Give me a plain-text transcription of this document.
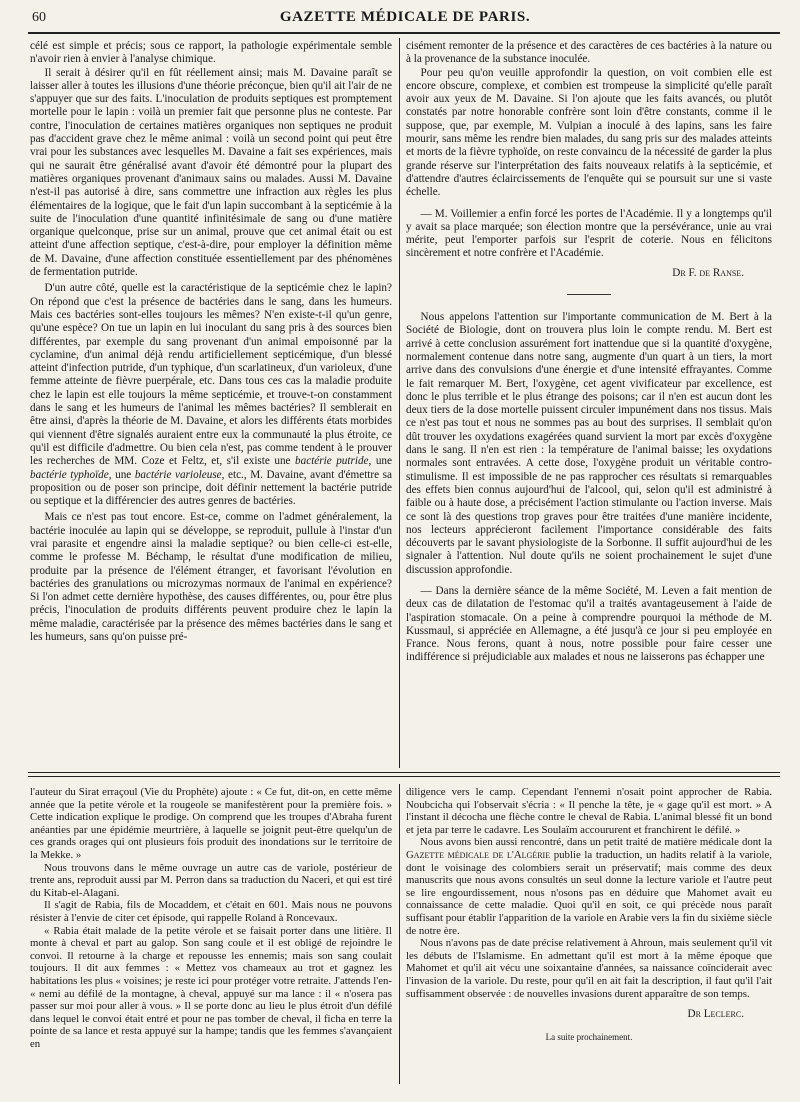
60	GAZETTE MÉDICALE DE PARIS.

célé est simple et précis; sous ce rapport, la pathologie expérimentale semble n'avoir rien à envier à l'analyse chimique.

Il serait à désirer qu'il en fût réellement ainsi; mais M. Davaine paraît se laisser aller à toutes les illusions d'une théorie préconçue, bien qu'il ait l'air de ne s'appuyer que sur des faits. L'inoculation de produits septiques est promptement mortelle pour le lapin : voilà un premier fait que personne plus ne conteste. Par contre, l'inoculation de certaines matières organiques non septiques ne produit pas d'accident grave chez le même animal : voilà un second point qui peut être vrai pour les substances avec lesquelles M. Davaine a fait ses expériences, mais qui ne saurait être généralisé avant d'avoir été démontré pour la plupart des matières organiques provenant d'animaux sains ou malades. Aussi M. Davaine n'est-il pas autorisé à dire, sans commettre une infraction aux règles les plus élémentaires de la logique, que le fait d'un lapin succombant à la septicémie à la suite de l'inoculation d'une quantité infinitésimale de sang ou d'une matière organique quelconque, prise sur un animal, prouve que cet animal était ou est atteint d'une affection septique, c'est-à-dire, pour employer la définition même de M. Davaine, d'une affection constituée essentiellement par des phénomènes de fermentation putride.

D'un autre côté, quelle est la caractéristique de la septicémie chez le lapin? On répond que c'est la présence de bactéries dans le sang, dans les humeurs. Mais ces bactéries sont-elles toujours les mêmes? N'en existe-t-il qu'un genre, qu'une espèce? On tue un lapin en lui inoculant du sang pris à des sources bien différentes, par exemple du sang provenant d'un animal empoisonné par la cyclamine, d'un animal déjà rendu artificiellement septicémique, d'un blessé atteint d'infection putride, d'un typhique, d'un scarlatineux, d'un varioleux, d'une femme atteinte de fièvre puerpérale, etc. Dans tous ces cas la maladie produite chez le lapin est elle toujours la même septicémie, et trouve-t-on constamment dans le sang et les humeurs de l'animal les mêmes bactéries? Il semblerait en être ainsi, d'après la théorie de M. Davaine, et alors les différents états morbides qui viennent d'être signalés auraient entre eux la communauté la plus étroite, ce qu'il est difficile d'admettre. Ou bien cela n'est, pas comme tendent à le prouver les recherches de MM. Coze et Feltz, et, s'il existe une bactérie putride, une bactérie typhoïde, une bactérie varioleuse, etc., M. Davaine, avant d'émettre sa proposition ou de poser son principe, doit définir nettement la bactérie putride ou septique et la différencier des autres genres de bactéries.

Mais ce n'est pas tout encore. Est-ce, comme on l'admet généralement, la bactérie inoculée au lapin qui se développe, se reproduit, pullule à l'instar d'un vrai parasite et engendre ainsi la maladie septique? ou bien celle-ci est-elle, comme le professe M. Béchamp, le résultat d'une modification de milieu, produite par la présence de l'élément étranger, et favorisant l'évolution en bactéries des granulations ou microzymas normaux de l'animal en expérience? Si l'on admet cette dernière hypothèse, des causes différentes, ou, pour être plus précis, l'inoculation de produits différents peuvent produire chez le lapin la même maladie, caractérisée par la présence des mêmes bactéries dans le sang et les humeurs, sans qu'on puisse pré-

cisément remonter de la présence et des caractères de ces bactéries à la nature ou à la provenance de la substance inoculée.

Pour peu qu'on veuille approfondir la question, on voit combien elle est encore obscure, complexe, et combien est trompeuse la simplicité qu'elle paraît avoir aux yeux de M. Davaine. Si l'on ajoute que les faits avancés, ou plutôt constatés par notre honorable confrère sont loin d'être constants, comme il le suppose, que, par exemple, M. Vulpian a inoculé à des lapins, sans les faire mourir, sans même les rendre bien malades, du sang pris sur des malades atteints et morts de la fièvre typhoïde, on reste convaincu de la nécessité de garder la plus grande réserve sur l'interprétation des faits nouveaux relatifs à la septicémie, et d'attendre d'autres éclaircissements de l'enquête qui se poursuit sur une si vaste échelle.

— M. Voillemier a enfin forcé les portes de l'Académie. Il y a longtemps qu'il y avait sa place marquée; son élection montre que la persévérance, unie au vrai mérite, peut l'emporter parfois sur l'esprit de coterie. Nous en félicitons sincèrement et notre confrère et l'Académie.

Dr F. de Ranse.

Nous appelons l'attention sur l'importante communication de M. Bert à la Société de Biologie, dont on trouvera plus loin le compte rendu. M. Bert est arrivé à cette conclusion assurément fort inattendue que si la quantité d'oxygène, normalement contenue dans notre sang, augmente d'un quart à un tiers, la mort arrive dans des convulsions d'une énergie et d'une intensité effrayantes. Comme le fait remarquer M. Bert, l'oxygène, cet agent vivificateur par excellence, est donc le plus terrible et le plus étrange des poisons; car il n'en est aucun dont les deux tiers de la dose mortelle puissent circuler impunément dans nos tissus. Mais ce n'est pas tout et nous ne sommes pas au bout des surprises. Il semblait qu'on dût trouver les oxydations exagérées quand survient la mort par excès d'oxygène dans le sang. Il n'en est rien : la température de l'animal baisse; les oxydations normales sont entravées. A cette dose, l'oxygène produit un véritable contro-stimulisme. Il est impossible de ne pas rapprocher ces résultats si remarquables des effets bien connus aujourd'hui de l'alcool, qui, selon qu'il est administré à faible ou à haute dose, a précisément l'action stimulante ou l'action inverse. Mais ce sont là des questions trop graves pour être traitées d'une manière incidente, nos lecteurs apprécieront facilement l'importance considérable des faits découverts par le savant physiologiste de la Sorbonne. Il suffit aujourd'hui de les signaler à l'attention. Nul doute qu'ils ne soient prochainement le sujet d'une discussion approfondie.

— Dans la dernière séance de la même Société, M. Leven a fait mention de deux cas de dilatation de l'estomac qu'il a traités avantageusement à l'aide de l'aspiration stomacale. On a peine à comprendre pourquoi la méthode de M. Kussmaul, si appréciée en Allemagne, a été jusqu'à ce jour si peu employée en France. Nous ferons, quant à nous, notre possible pour faire cesser une indifférence si préjudiciable aux malades et nous ne laisserons pas échapper une

l'auteur du Sirat erraçoul (Vie du Prophète) ajoute : « Ce fut, dit-on, en cette même année que la petite vérole et la rougeole se manifestèrent pour la première fois. » Cette indication explique le prodige. On comprend que les troupes d'Abraha furent anéanties par une épidémie meurtrière, à laquelle se joignit peut-être quelqu'un de ces grands orages qui ont plusieurs fois produit des inondations sur le territoire de la Mekke. »

Nous trouvons dans le même ouvrage un autre cas de variole, postérieur de trente ans, reproduit aussi par M. Perron dans sa traduction du Naceri, et qui est tiré du Kitab-el-Alagani.

Il s'agit de Rabia, fils de Mocaddem, et c'était en 601. Mais nous ne pouvons résister à l'envie de citer cet épisode, qui rappelle Roland à Roncevaux.

« Rabia était malade de la petite vérole et se faisait porter dans une litière. Il monte à cheval et part au galop. Son sang coule et il est obligé de rejoindre le convoi. Il retourne à la charge et repousse les ennemis; mais son sang coulait toujours. Il dit aux femmes : « Mettez vos chameaux au trot et gagnez les habitations les plus « voisines; je reste ici pour protéger votre retraite. J'attends l'en- « nemi au défilé de la montagne, à cheval, appuyé sur ma lance : il « n'osera pas passer sur moi pour aller à vous. » Il se porte donc au lieu le plus étroit d'un défilé dans lequel le convoi était entré et pour ne pas tomber de cheval, il ficha en terre la pointe de sa lance et resta appuyé sur la hampe; tandis que les femmes s'avançaient en

diligence vers le camp. Cependant l'ennemi n'osait point approcher de Rabia. Noubcicha qui l'observait s'écria : « Il penche la tête, je « gage qu'il est mort. » A l'instant il décocha une flèche contre le cheval de Rabia. L'animal blessé fit un bond et jeta par terre le cadavre. Les Soulaïm accoururent et franchirent le défilé. »

Nous avons bien aussi rencontré, dans un petit traité de matière médicale dont la Gazette médicale de l'Algérie publie la traduction, un hadits relatif à la variole, dont le voisinage des colombiers serait un préservatif; mais comme des deux manuscrits que nous avons consultés un seul donne la lecture variole et l'autre peut se lire engourdissement, nous n'osons pas en déduire que Mahomet avait eu connaissance de cette maladie. Quoi qu'il en soit, ce qui précède nous paraît suffisant pour établir l'apparition de la variole en Arabie vers la fin du sixième siècle de notre ère.

Nous n'avons pas de date précise relativement à Ahroun, mais seulement qu'il vit les débuts de l'Islamisme. En admettant qu'il est mort à la même époque que Mahomet et qu'il ait vécu une soixantaine d'années, sa naissance coïnciderait avec l'invasion de la variole. Du reste, pour qu'il en ait fait la description, il faut qu'il l'ait suffisamment observée : de nouvelles invasions durent apparaître de son temps.

Dr Leclerc.
La suite prochainement.
